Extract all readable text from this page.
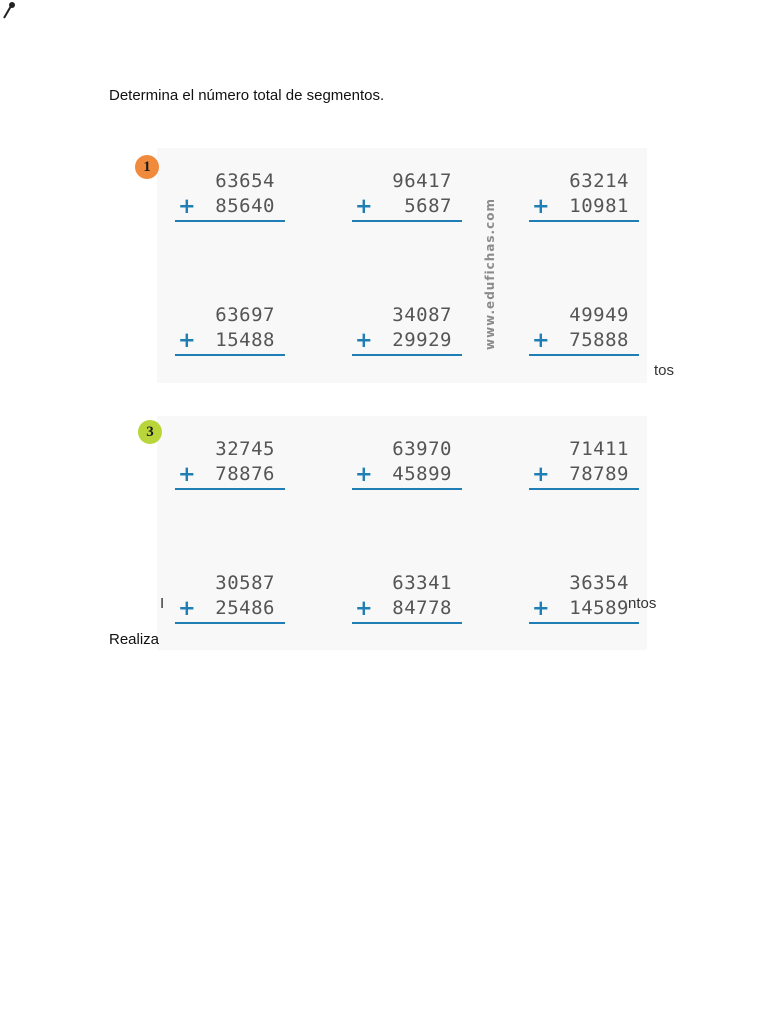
Determina el número total de segmentos.
1
3
www.edufichas.com
63654
+ 85640
96417
+ 5687
63214
+ 10981
63697
+ 15488
34087
+ 29929
49949
+ 75888
32745
+ 78876
63970
+ 45899
71411
+ 78789
30587
+ 25486
63341
+ 84778
36354
+ 14589
tos
ntos
I
Realiza
